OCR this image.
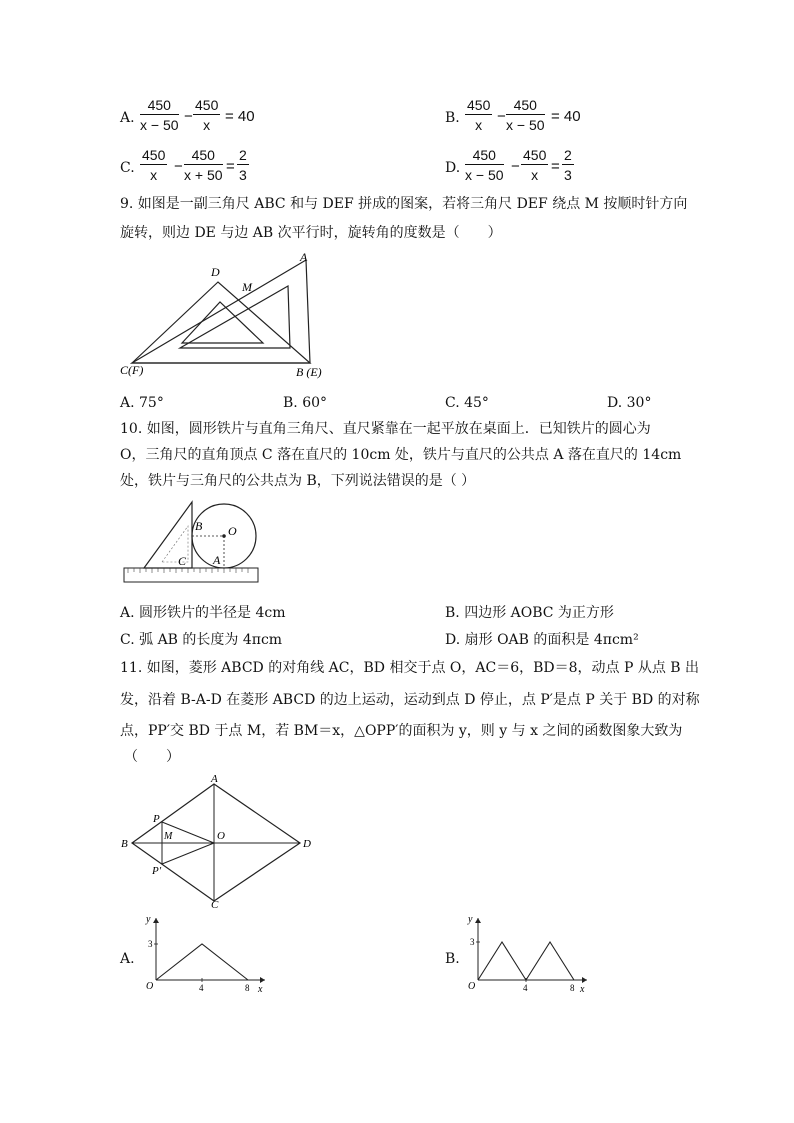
A. $\frac{450}{x - 50} - \frac{450}{x} = 40$	B. $\frac{450}{x} - \frac{450}{x - 50} = 40$
C. $\frac{450}{x} - \frac{450}{x + 50} = \frac{2}{3}$	D. $\frac{450}{x - 50} - \frac{450}{x} = \frac{2}{3}$
9. 如图是一副三角尺 ABC 和与 DEF 拼成的图案，若将三角尺 DEF 绕点 M 按顺时针方向
旋转，则边 DE 与边 AB 次平行时，旋转角的度数是（　　）
D
A
M
C(F)	B (E)
A. 75°	B. 60°	C. 45°	D. 30°
10. 如图，圆形铁片与直角三角尺、直尺紧靠在一起平放在桌面上．已知铁片的圆心为
O，三角尺的直角顶点 C 落在直尺的 10cm 处，铁片与直尺的公共点 A 落在直尺的 14cm
处，铁片与三角尺的公共点为 B，下列说法错误的是（ ）
B O
C A
A. 圆形铁片的半径是 4cm	B. 四边形 AOBC 为正方形
C. 弧 AB 的长度为 4πcm	D. 扇形 OAB 的面积是 4πcm²
11. 如图，菱形 ABCD 的对角线 AC，BD 相交于点 O，AC＝6，BD＝8，动点 P 从点 B 出
发，沿着 B-A-D 在菱形 ABCD 的边上运动，运动到点 D 停止，点 P′是点 P 关于 BD 的对称
点，PP′交 BD 于点 M，若 BM＝x，△OPP′的面积为 y，则 y 与 x 之间的函数图象大致为
（　　）
A
B	D
C
O
P
M
P′
A.
y
x
O
3
4	8
B.
y
x
O
3
4	8
